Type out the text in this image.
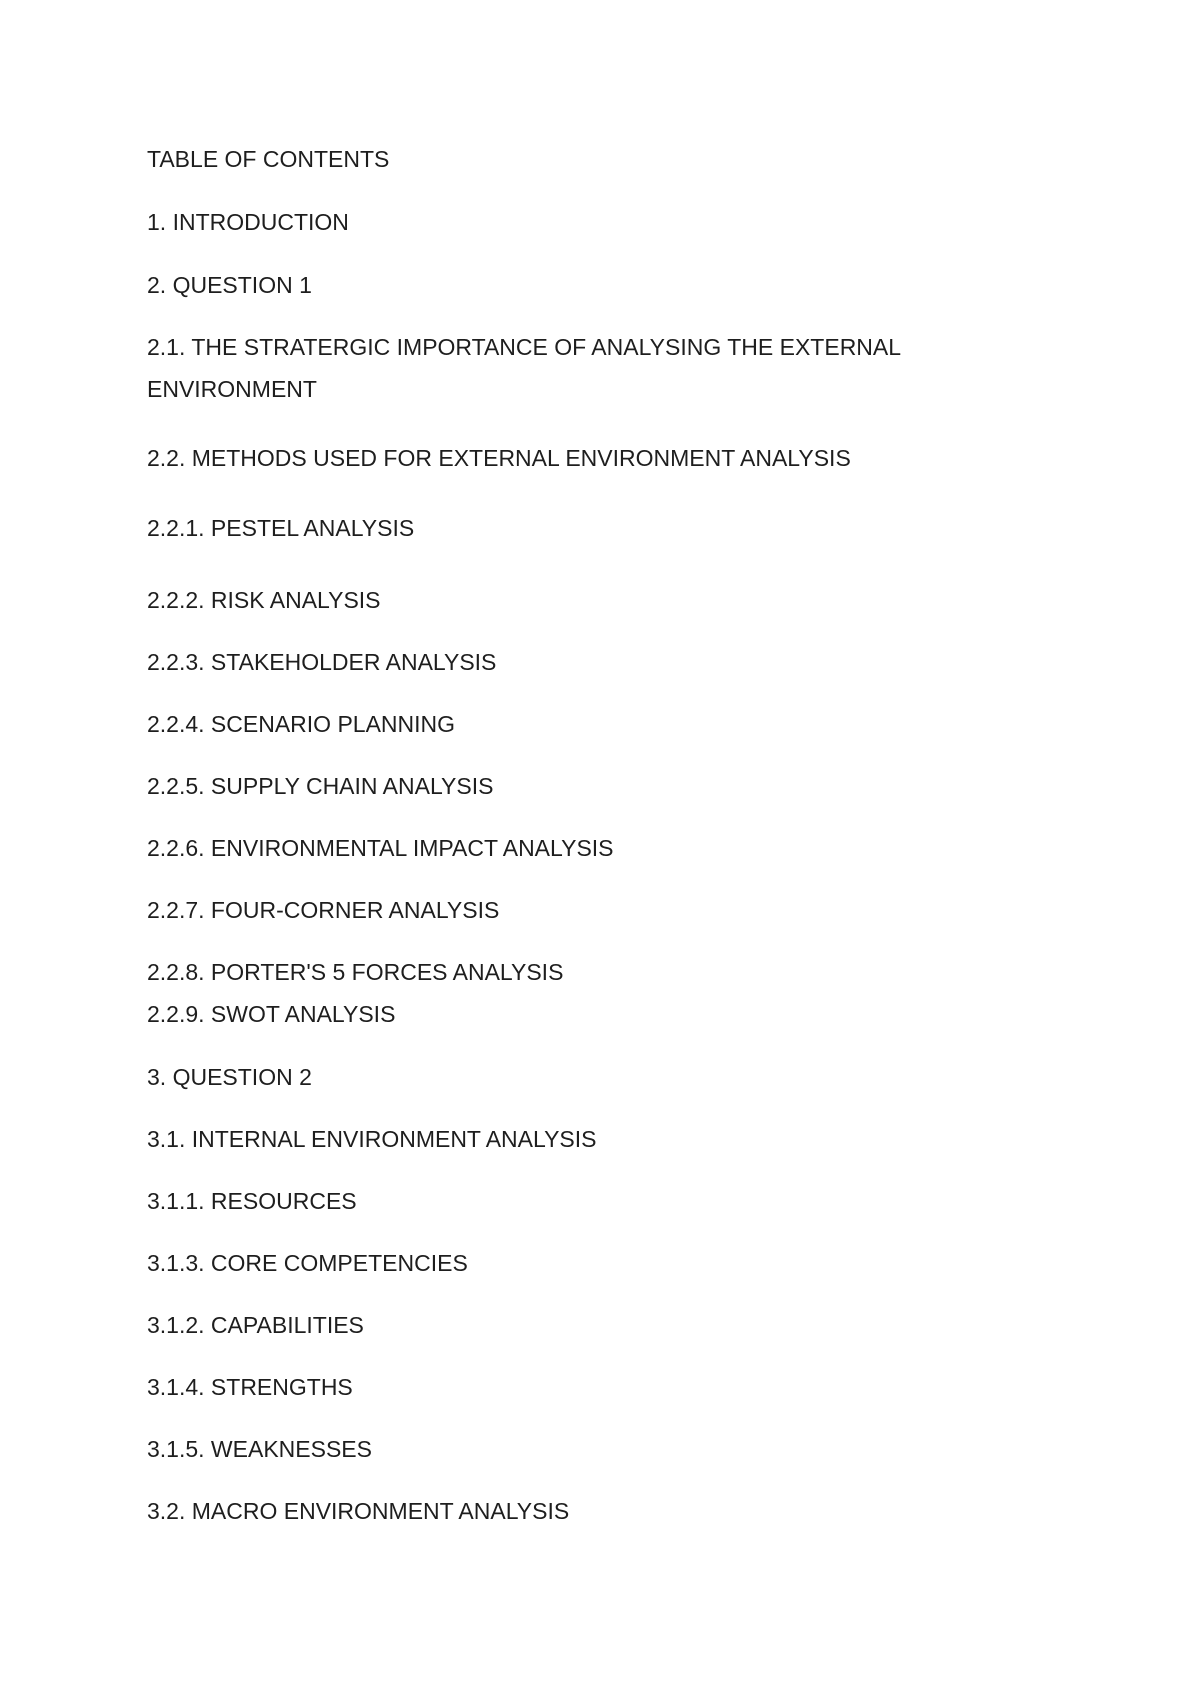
TABLE OF CONTENTS

1. INTRODUCTION

2. QUESTION 1

2.1. THE STRATERGIC IMPORTANCE OF ANALYSING THE EXTERNAL ENVIRONMENT

2.2. METHODS USED FOR EXTERNAL ENVIRONMENT ANALYSIS

2.2.1. PESTEL ANALYSIS

2.2.2. RISK ANALYSIS

2.2.3. STAKEHOLDER ANALYSIS

2.2.4. SCENARIO PLANNING

2.2.5. SUPPLY CHAIN ANALYSIS

2.2.6. ENVIRONMENTAL IMPACT ANALYSIS

2.2.7. FOUR-CORNER ANALYSIS

2.2.8. PORTER'S 5 FORCES ANALYSIS

2.2.9. SWOT ANALYSIS

3. QUESTION 2

3.1. INTERNAL ENVIRONMENT ANALYSIS

3.1.1. RESOURCES

3.1.3. CORE COMPETENCIES

3.1.2. CAPABILITIES

3.1.4. STRENGTHS

3.1.5. WEAKNESSES

3.2. MACRO ENVIRONMENT ANALYSIS
